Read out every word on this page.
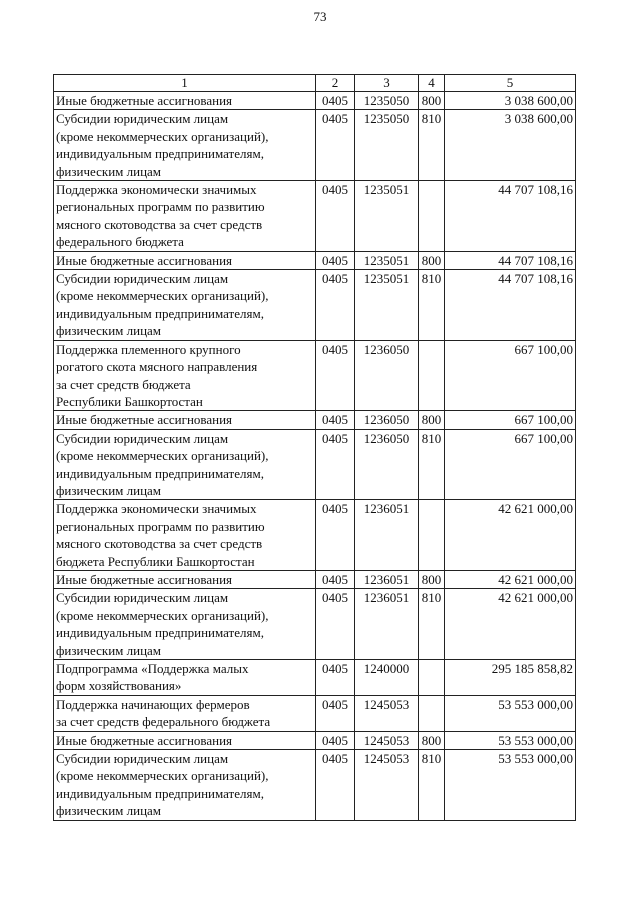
73
1	2	3	4	5

Иные бюджетные ассигнования	0405	1235050	800	3 038 600,00

Субсидии юридическим лицам
(кроме некоммерческих организаций),
индивидуальным предпринимателям,
физическим лицам	0405	1235050	810	3 038 600,00

Поддержка экономически значимых
региональных программ по развитию
мясного скотоводства за счет средств
федерального бюджета	0405	1235051		44 707 108,16

Иные бюджетные ассигнования	0405	1235051	800	44 707 108,16

Субсидии юридическим лицам
(кроме некоммерческих организаций),
индивидуальным предпринимателям,
физическим лицам	0405	1235051	810	44 707 108,16

Поддержка племенного крупного
рогатого скота мясного направления
за счет средств бюджета
Республики Башкортостан	0405	1236050		667 100,00

Иные бюджетные ассигнования	0405	1236050	800	667 100,00

Субсидии юридическим лицам
(кроме некоммерческих организаций),
индивидуальным предпринимателям,
физическим лицам	0405	1236050	810	667 100,00

Поддержка экономически значимых
региональных программ по развитию
мясного скотоводства за счет средств
бюджета Республики Башкортостан	0405	1236051		42 621 000,00

Иные бюджетные ассигнования	0405	1236051	800	42 621 000,00

Субсидии юридическим лицам
(кроме некоммерческих организаций),
индивидуальным предпринимателям,
физическим лицам	0405	1236051	810	42 621 000,00

Подпрограмма «Поддержка малых
форм хозяйствования»	0405	1240000		295 185 858,82

Поддержка начинающих фермеров
за счет средств федерального бюджета	0405	1245053		53 553 000,00

Иные бюджетные ассигнования	0405	1245053	800	53 553 000,00

Субсидии юридическим лицам
(кроме некоммерческих организаций),
индивидуальным предпринимателям,
физическим лицам	0405	1245053	810	53 553 000,00
